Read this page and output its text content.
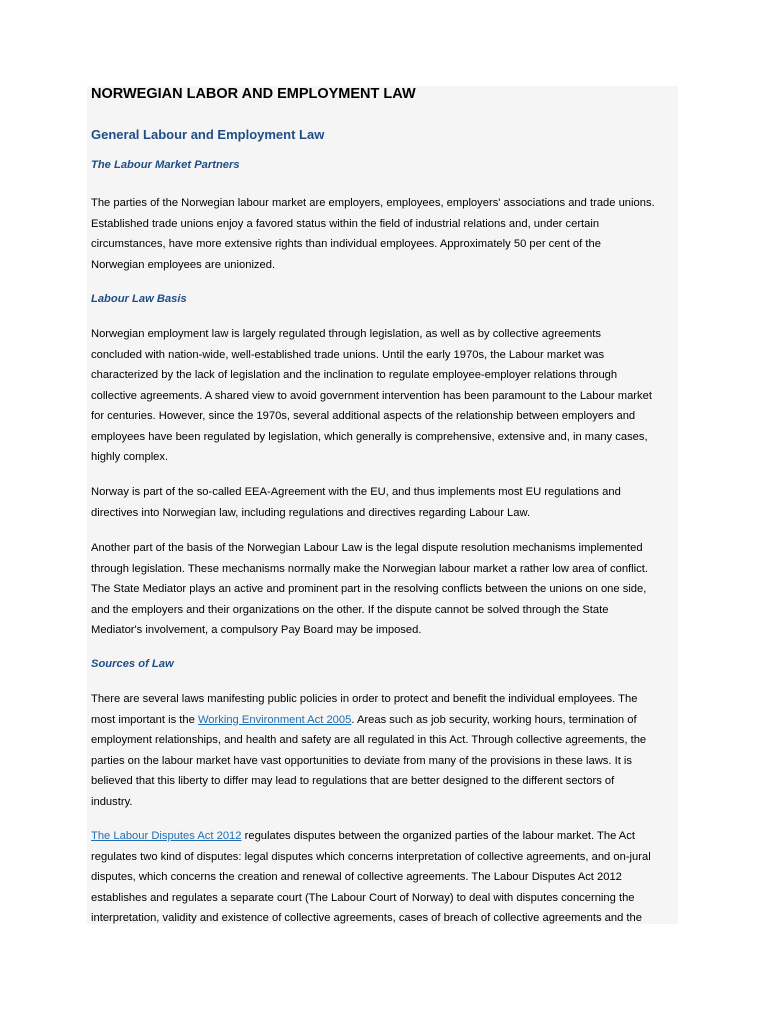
NORWEGIAN LABOR AND EMPLOYMENT LAW
General Labour and Employment Law
The Labour Market Partners

The parties of the Norwegian labour market are employers, employees, employers' associations and trade unions.
Established trade unions enjoy a favored status within the field of industrial relations and, under certain
circumstances, have more extensive rights than individual employees. Approximately 50 per cent of the
Norwegian employees are unionized.

Labour Law Basis

Norwegian employment law is largely regulated through legislation, as well as by collective agreements
concluded with nation-wide, well-established trade unions. Until the early 1970s, the Labour market was
characterized by the lack of legislation and the inclination to regulate employee-employer relations through
collective agreements. A shared view to avoid government intervention has been paramount to the Labour market
for centuries. However, since the 1970s, several additional aspects of the relationship between employers and
employees have been regulated by legislation, which generally is comprehensive, extensive and, in many cases,
highly complex.

Norway is part of the so-called EEA-Agreement with the EU, and thus implements most EU regulations and
directives into Norwegian law, including regulations and directives regarding Labour Law.

Another part of the basis of the Norwegian Labour Law is the legal dispute resolution mechanisms implemented
through legislation. These mechanisms normally make the Norwegian labour market a rather low area of conflict.
The State Mediator plays an active and prominent part in the resolving conflicts between the unions on one side,
and the employers and their organizations on the other. If the dispute cannot be solved through the State
Mediator's involvement, a compulsory Pay Board may be imposed.

Sources of Law

There are several laws manifesting public policies in order to protect and benefit the individual employees. The
most important is the Working Environment Act 2005. Areas such as job security, working hours, termination of
employment relationships, and health and safety are all regulated in this Act. Through collective agreements, the
parties on the labour market have vast opportunities to deviate from many of the provisions in these laws. It is
believed that this liberty to differ may lead to regulations that are better designed to the different sectors of
industry.

The Labour Disputes Act 2012 regulates disputes between the organized parties of the labour market. The Act
regulates two kind of disputes: legal disputes which concerns interpretation of collective agreements, and on-jural
disputes, which concerns the creation and renewal of collective agreements. The Labour Disputes Act 2012
establishes and regulates a separate court (The Labour Court of Norway) to deal with disputes concerning the
interpretation, validity and existence of collective agreements, cases of breach of collective agreements and the
